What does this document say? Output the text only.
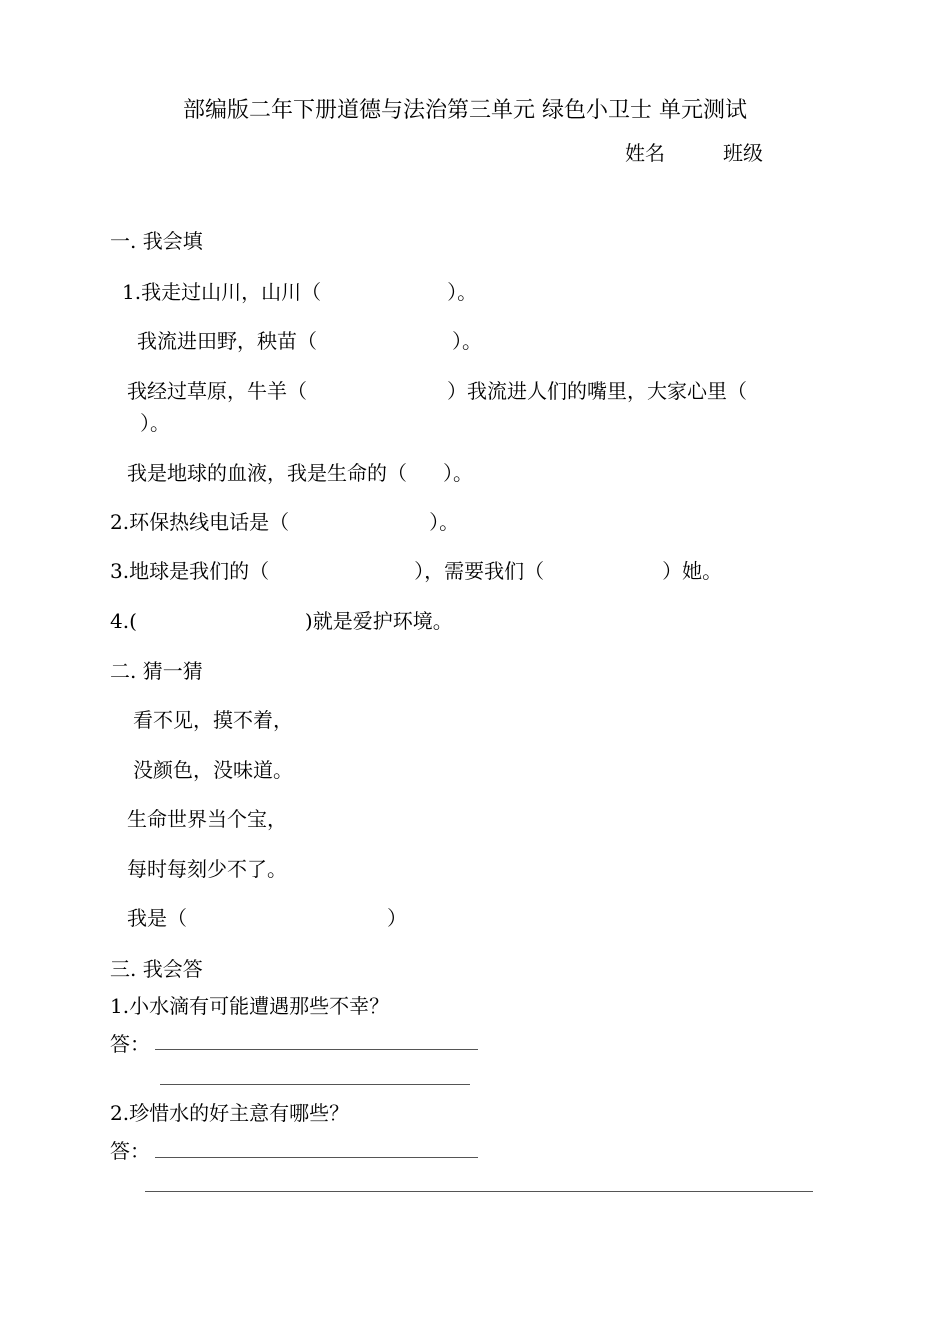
部编版二年下册道德与法治第三单元 绿色小卫士 单元测试
姓名	班级
一. 我会填
1.我走过山川，山川（	）。
我流进田野，秧苗（	）。
我经过草原，牛羊（	）我流进人们的嘴里，大家心里（
）。
我是地球的血液，我是生命的（ ）。
2.环保热线电话是（	）。
3.地球是我们的（	），需要我们（	）她。
4.(	)就是爱护环境。
二. 猜一猜
看不见，摸不着，
没颜色，没味道。
生命世界当个宝，
每时每刻少不了。
我是（	）
三. 我会答
1.小水滴有可能遭遇那些不幸？
答：
2.珍惜水的好主意有哪些？
答：
